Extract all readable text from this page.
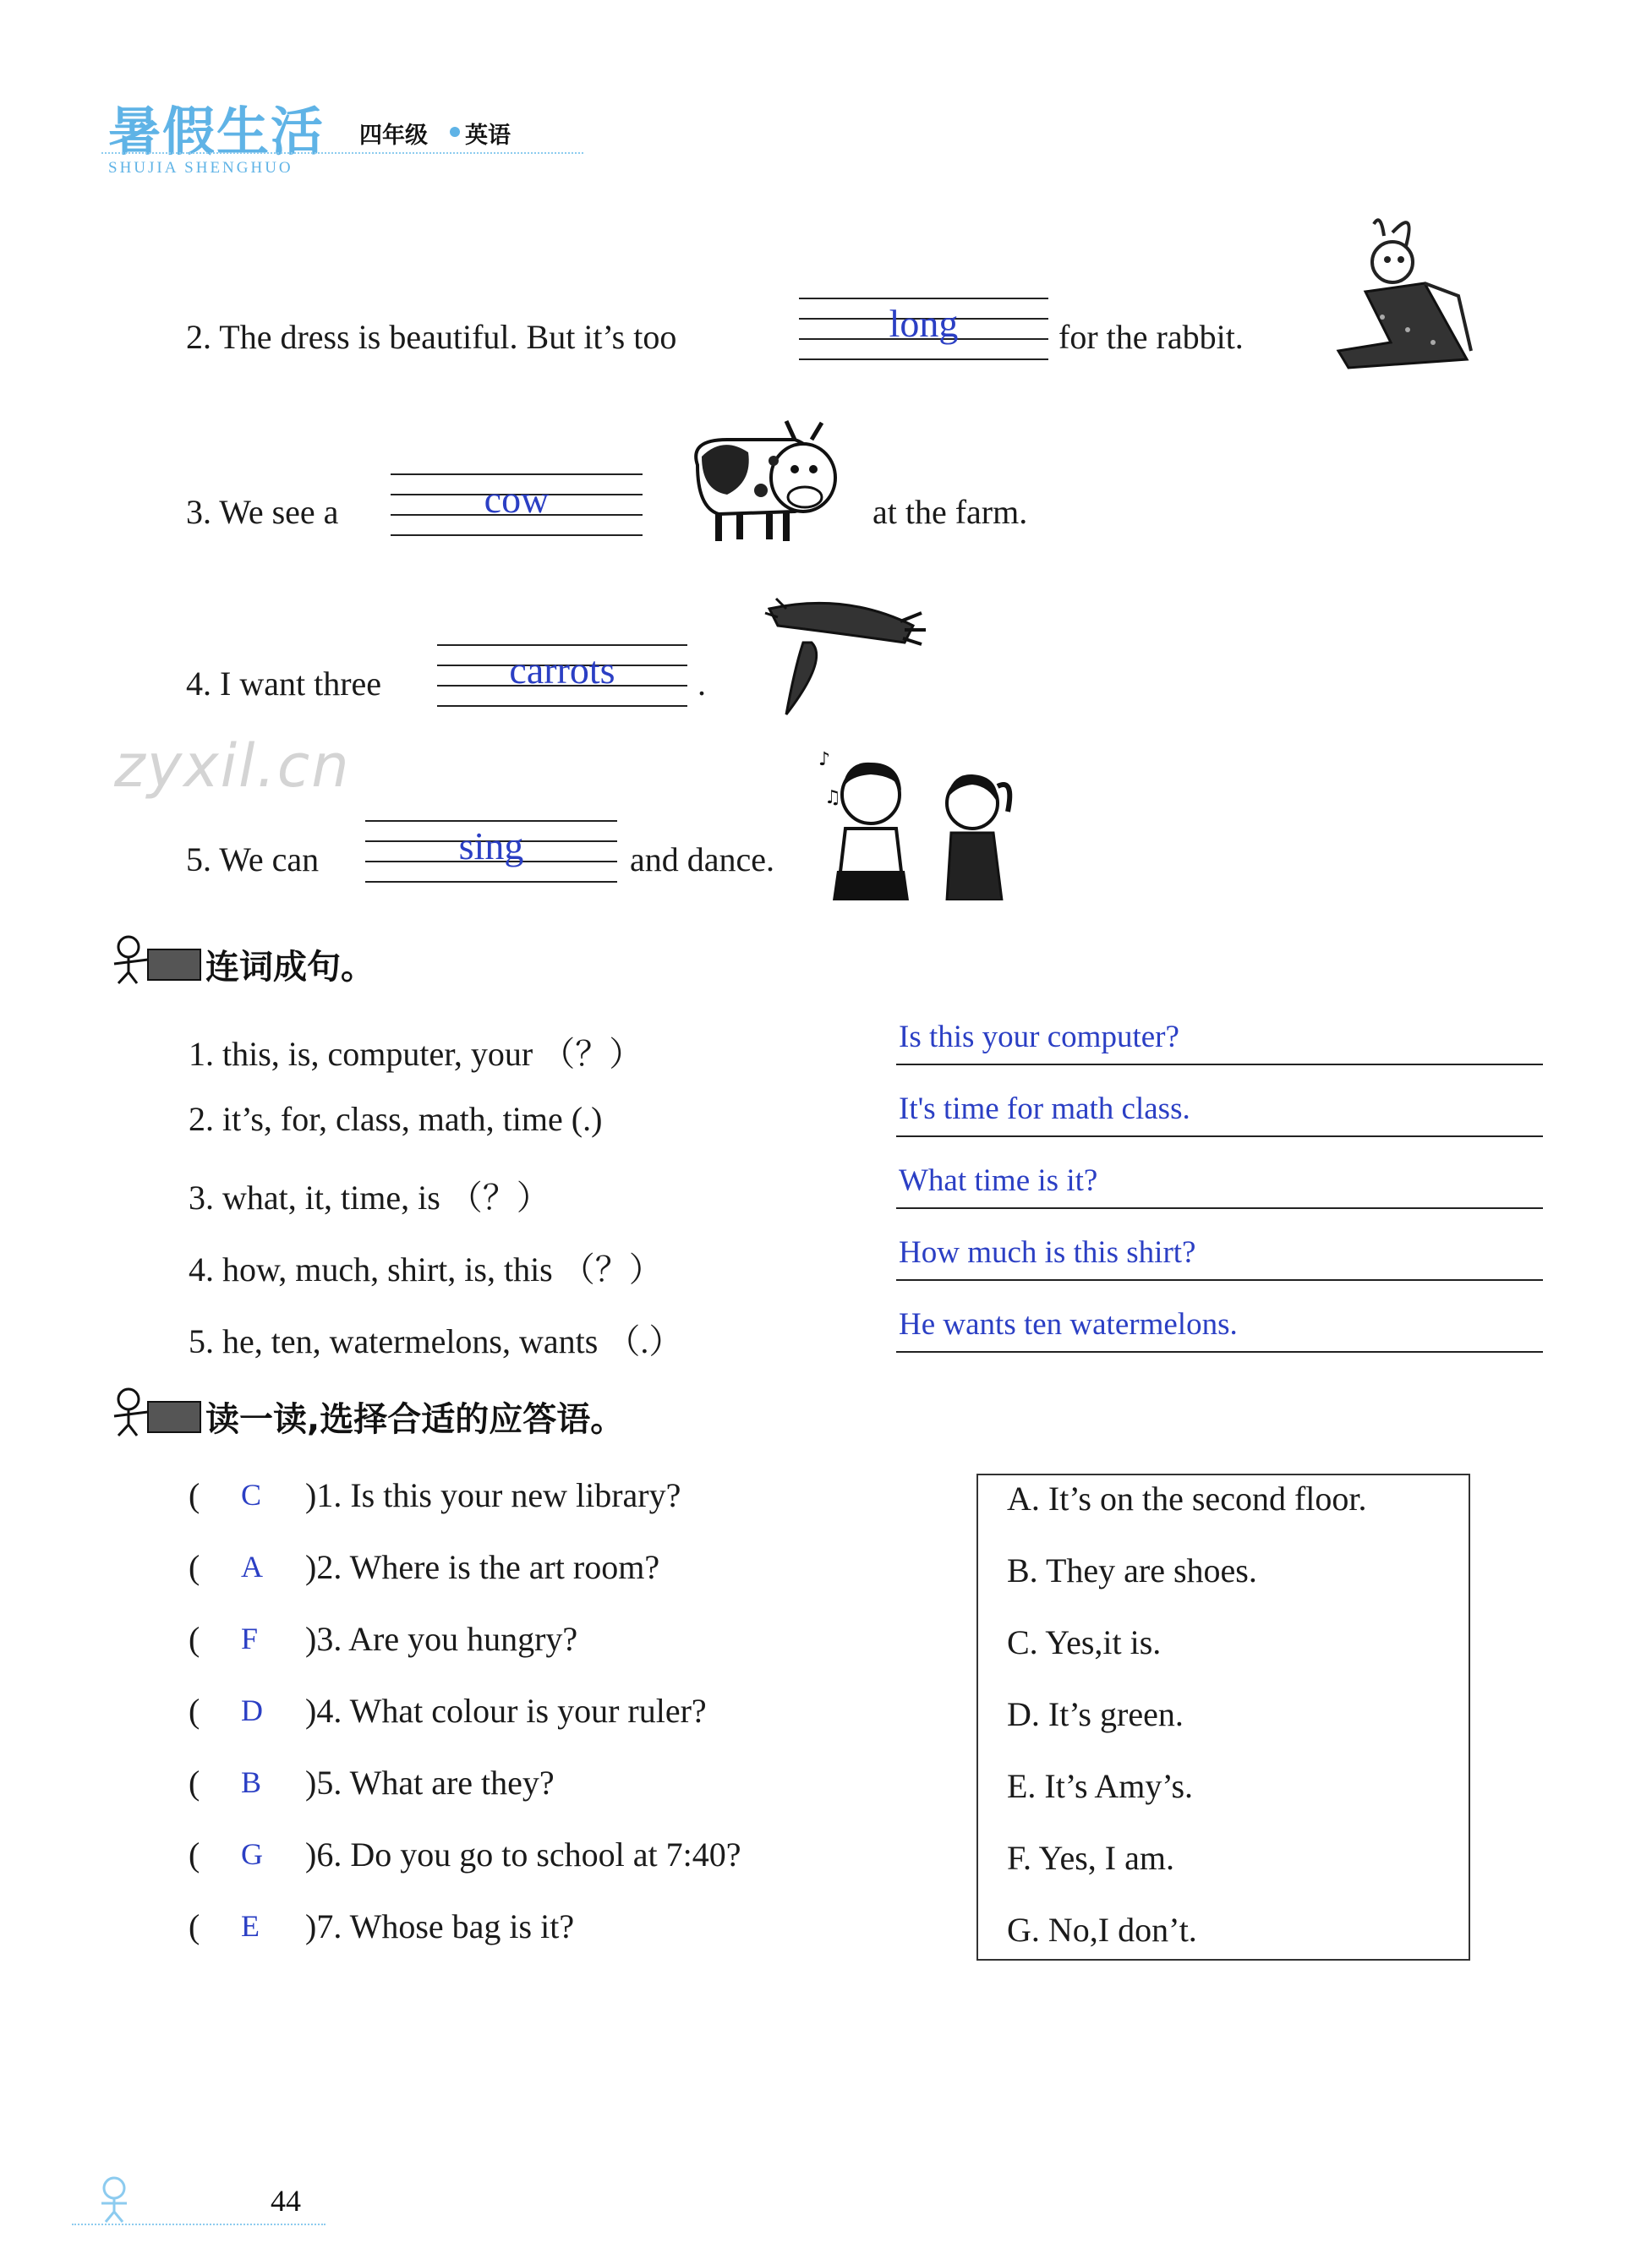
暑假生活 四年级 英语
SHUJIA SHENGHUO
2. The dress is beautiful. But it’s too	long	for the rabbit.
3. We see a	cow	at the farm.
4. I want three	carrots	.
zyxil.cn
5. We can	sing	and dance.
♪
♫
连词成句。
1. this, is, computer, your （？）
2. it’s, for, class, math, time (.)
3. what, it, time, is （？）
4. how, much, shirt, is, this （？）
5. he, ten, watermelons, wants （.）
Is this your computer?
It's time for math class.
What time is it?
How much is this shirt?
He wants ten watermelons.
读一读,选择合适的应答语。
( C )1. Is this your new library?
( A )2. Where is the art room?
( F )3. Are you hungry?
( D )4. What colour is your ruler?
( B )5. What are they?
( G )6. Do you go to school at 7:40?
( E )7. Whose bag is it?
A. It’s on the second floor.
B. They are shoes.
C. Yes,it is.
D. It’s green.
E. It’s Amy’s.
F. Yes, I am.
G. No,I don’t.
44
